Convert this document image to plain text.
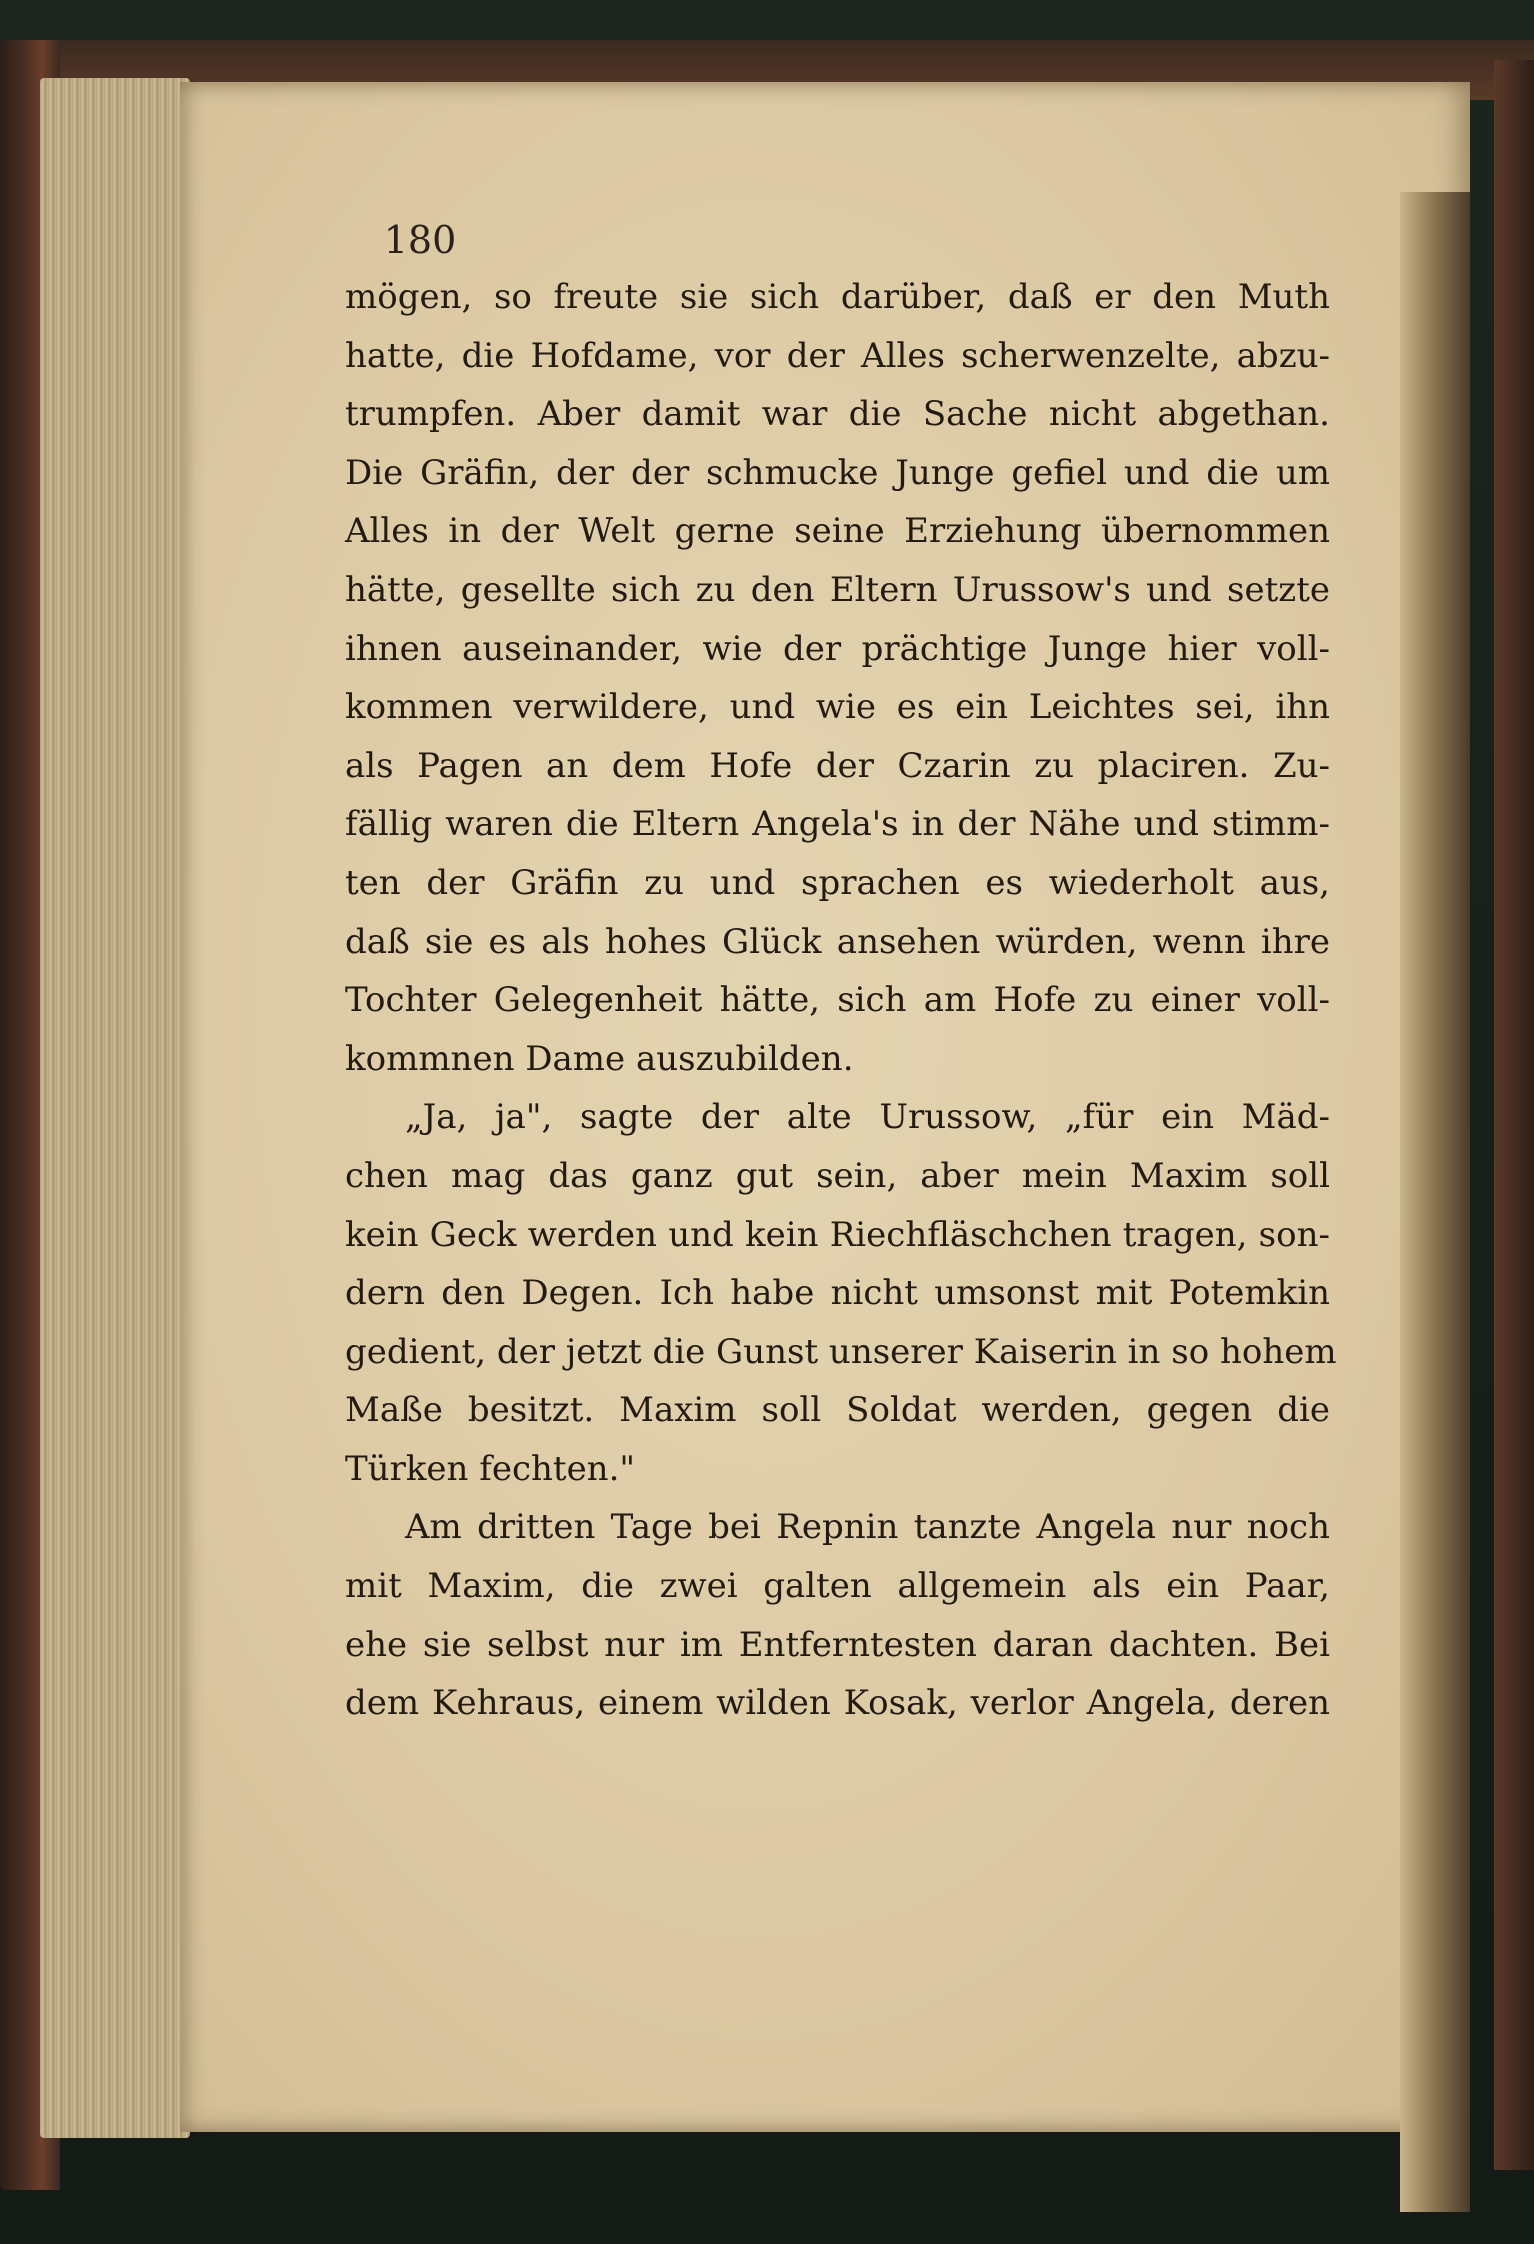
180
mögen, so freute sie sich darüber, daß er den Muth
hatte, die Hofdame, vor der Alles scherwenzelte, abzu-
trumpfen. Aber damit war die Sache nicht abgethan.
Die Gräfin, der der schmucke Junge gefiel und die um
Alles in der Welt gerne seine Erziehung übernommen
hätte, gesellte sich zu den Eltern Urussow's und setzte
ihnen auseinander, wie der prächtige Junge hier voll-
kommen verwildere, und wie es ein Leichtes sei, ihn
als Pagen an dem Hofe der Czarin zu placiren. Zu-
fällig waren die Eltern Angela's in der Nähe und stimm-
ten der Gräfin zu und sprachen es wiederholt aus,
daß sie es als hohes Glück ansehen würden, wenn ihre
Tochter Gelegenheit hätte, sich am Hofe zu einer voll-
kommnen Dame auszubilden.
„Ja, ja", sagte der alte Urussow, „für ein Mäd-
chen mag das ganz gut sein, aber mein Maxim soll
kein Geck werden und kein Riechfläschchen tragen, son-
dern den Degen. Ich habe nicht umsonst mit Potemkin
gedient, der jetzt die Gunst unserer Kaiserin in so hohem
Maße besitzt. Maxim soll Soldat werden, gegen die
Türken fechten."
Am dritten Tage bei Repnin tanzte Angela nur noch
mit Maxim, die zwei galten allgemein als ein Paar,
ehe sie selbst nur im Entferntesten daran dachten. Bei
dem Kehraus, einem wilden Kosak, verlor Angela, deren
